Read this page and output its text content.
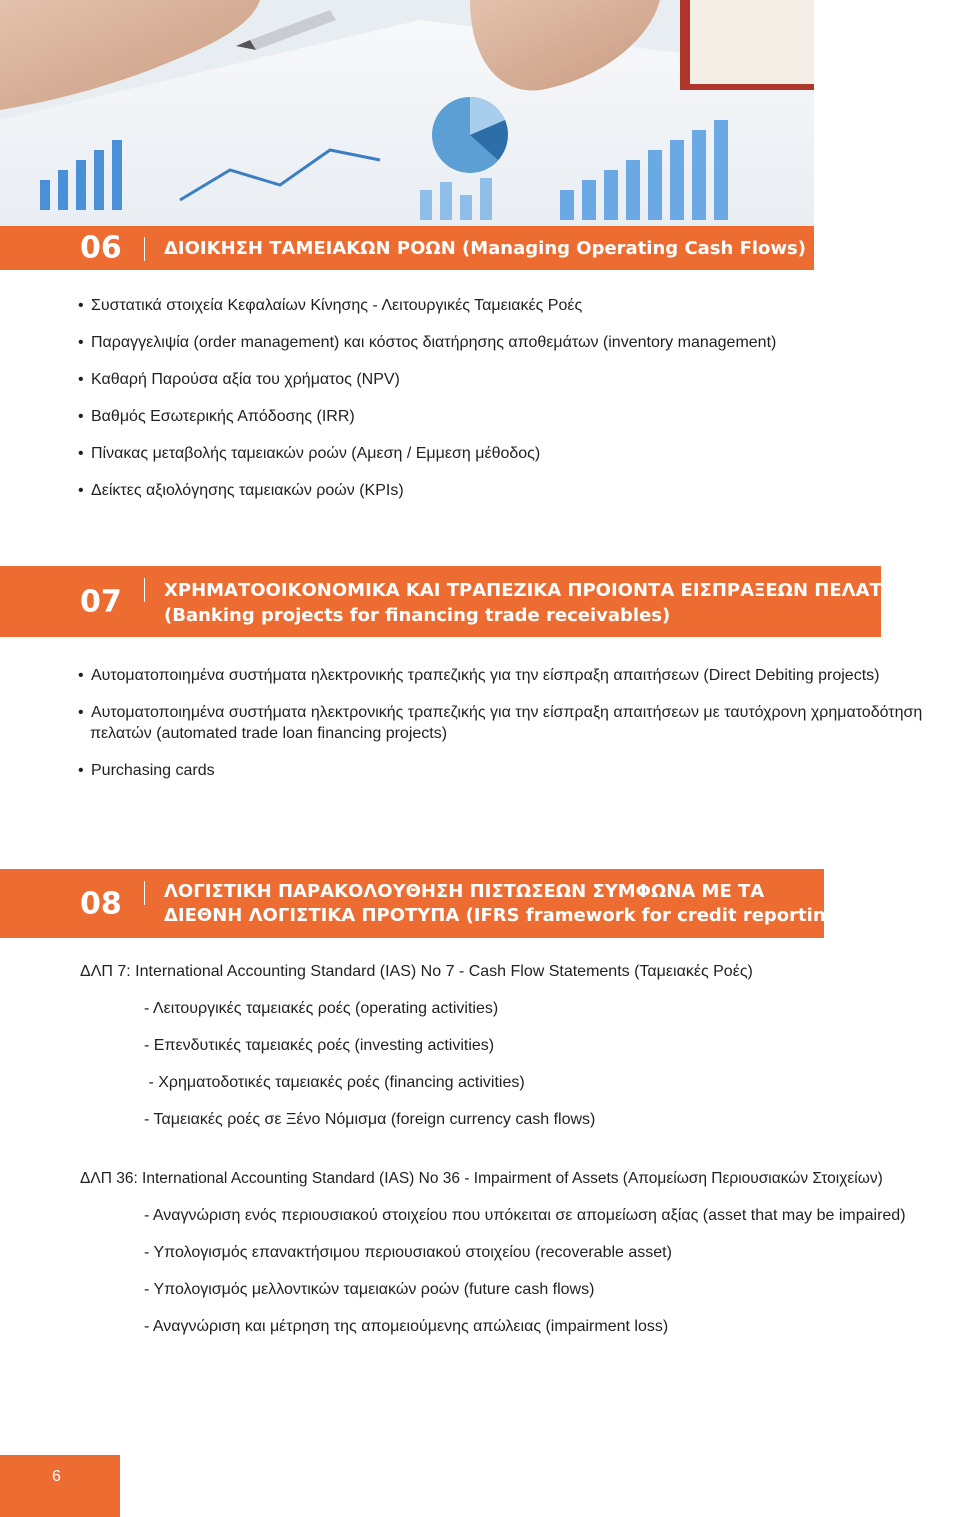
06 ΔΙΟΙΚΗΣΗ ΤΑΜΕΙΑΚΩΝ ΡΟΩΝ (Managing Operating Cash Flows)
• Συστατικά στοιχεία Κεφαλαίων Κίνησης - Λειτουργικές Ταμειακές Ροές
• Παραγγελιψία (order management) και κόστος διατήρησης αποθεμάτων (inventory management)
• Καθαρή Παρούσα αξία του χρήματος (NPV)
• Βαθμός Εσωτερικής Απόδοσης (IRR)
• Πίνακας μεταβολής ταμειακών ροών (Αμεση / Εμμεση μέθοδος)
• Δείκτες αξιολόγησης ταμειακών ροών (KPIs)
07 ΧΡΗΜΑΤΟΟΙΚΟΝΟΜΙΚΑ ΚΑΙ ΤΡΑΠΕΖΙΚΑ ΠΡΟΙΟΝΤΑ ΕΙΣΠΡΑΞΕΩΝ ΠΕΛΑΤΩΝ
(Banking projects for financing trade receivables)
• Αυτοματοποιημένα συστήματα ηλεκτρονικής τραπεζικής για την είσπραξη απαιτήσεων (Direct Debiting projects)
• Αυτοματοποιημένα συστήματα ηλεκτρονικής τραπεζικής για την είσπραξη απαιτήσεων με ταυτόχρονη χρηματοδότηση
πελατών (automated trade loan financing projects)
• Purchasing cards
08 ΛΟΓΙΣΤΙΚΗ ΠΑΡΑΚΟΛΟΥΘΗΣΗ ΠΙΣΤΩΣΕΩΝ ΣΥΜΦΩΝΑ ΜΕ ΤΑ
ΔΙΕΘΝΗ ΛΟΓΙΣΤΙΚΑ ΠΡΟΤΥΠΑ (IFRS framework for credit reporting)
ΔΛΠ 7: International Accounting Standard (IAS) No 7 - Cash Flow Statements (Ταμειακές Ροές)
- Λειτουργικές ταμειακές ροές (operating activities)
- Επενδυτικές ταμειακές ροές (investing activities)
- Χρηματοδοτικές ταμειακές ροές (financing activities)
- Ταμειακές ροές σε Ξένο Νόμισμα (foreign currency cash flows)
ΔΛΠ 36: International Accounting Standard (IAS) No 36 - Impairment of Assets (Απομείωση Περιουσιακών Στοιχείων)
- Αναγνώριση ενός περιουσιακού στοιχείου που υπόκειται σε απομείωση αξίας (asset that may be impaired)
- Υπολογισμός επανακτήσιμου περιουσιακού στοιχείου (recoverable asset)
- Υπολογισμός μελλοντικών ταμειακών ροών (future cash flows)
- Αναγνώριση και μέτρηση της απομειούμενης απώλειας (impairment loss)
6
